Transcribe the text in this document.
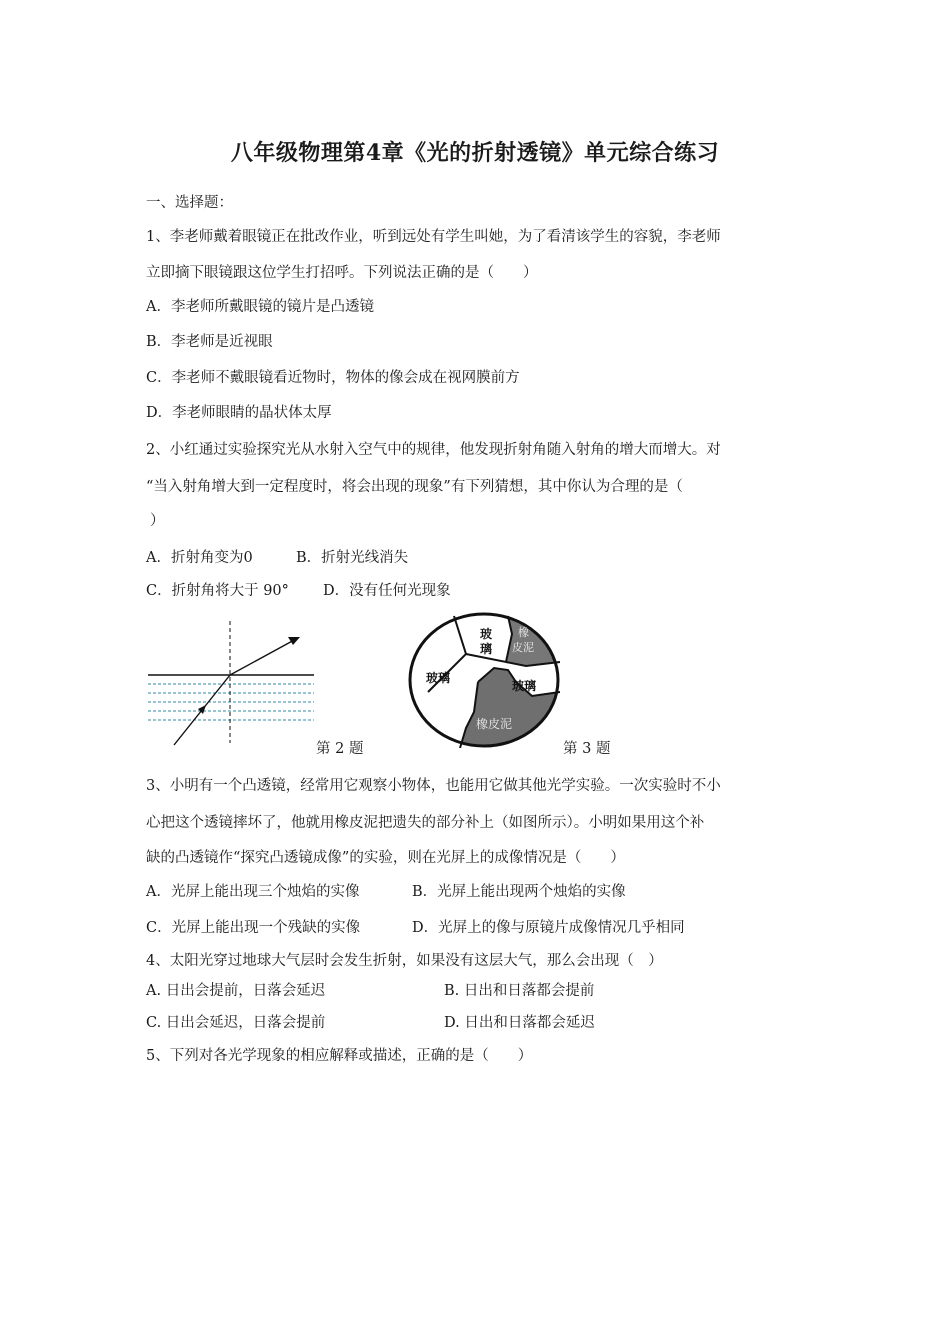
八年级物理第4章《光的折射透镜》单元综合练习
一、选择题：
1、李老师戴着眼镜正在批改作业，听到远处有学生叫她，为了看清该学生的容貌，李老师
立即摘下眼镜跟这位学生打招呼。下列说法正确的是（　　）
A．李老师所戴眼镜的镜片是凸透镜
B．李老师是近视眼
C．李老师不戴眼镜看近物时，物体的像会成在视网膜前方
D．李老师眼睛的晶状体太厚
2、小红通过实验探究光从水射入空气中的规律，他发现折射角随入射角的增大而增大。对
“当入射角增大到一定程度时，将会出现的现象”有下列猜想，其中你认为合理的是（
）
A．折射角变为0	B．折射光线消失
C．折射角将大于 90° D．没有任何光现象
第 2 题
玻 璃
玻璃
玻璃
橡 皮泥
橡皮泥
第 3 题
3、小明有一个凸透镜，经常用它观察小物体，也能用它做其他光学实验。一次实验时不小
心把这个透镜摔坏了，他就用橡皮泥把遗失的部分补上（如图所示）。小明如果用这个补
缺的凸透镜作“探究凸透镜成像”的实验，则在光屏上的成像情况是（　　）
A．光屏上能出现三个烛焰的实像	B．光屏上能出现两个烛焰的实像
C．光屏上能出现一个残缺的实像	D．光屏上的像与原镜片成像情况几乎相同
4、太阳光穿过地球大气层时会发生折射，如果没有这层大气，那么会出现（　）
A. 日出会提前，日落会延迟	B. 日出和日落都会提前
C. 日出会延迟，日落会提前	D. 日出和日落都会延迟
5、下列对各光学现象的相应解释或描述，正确的是（　　）
